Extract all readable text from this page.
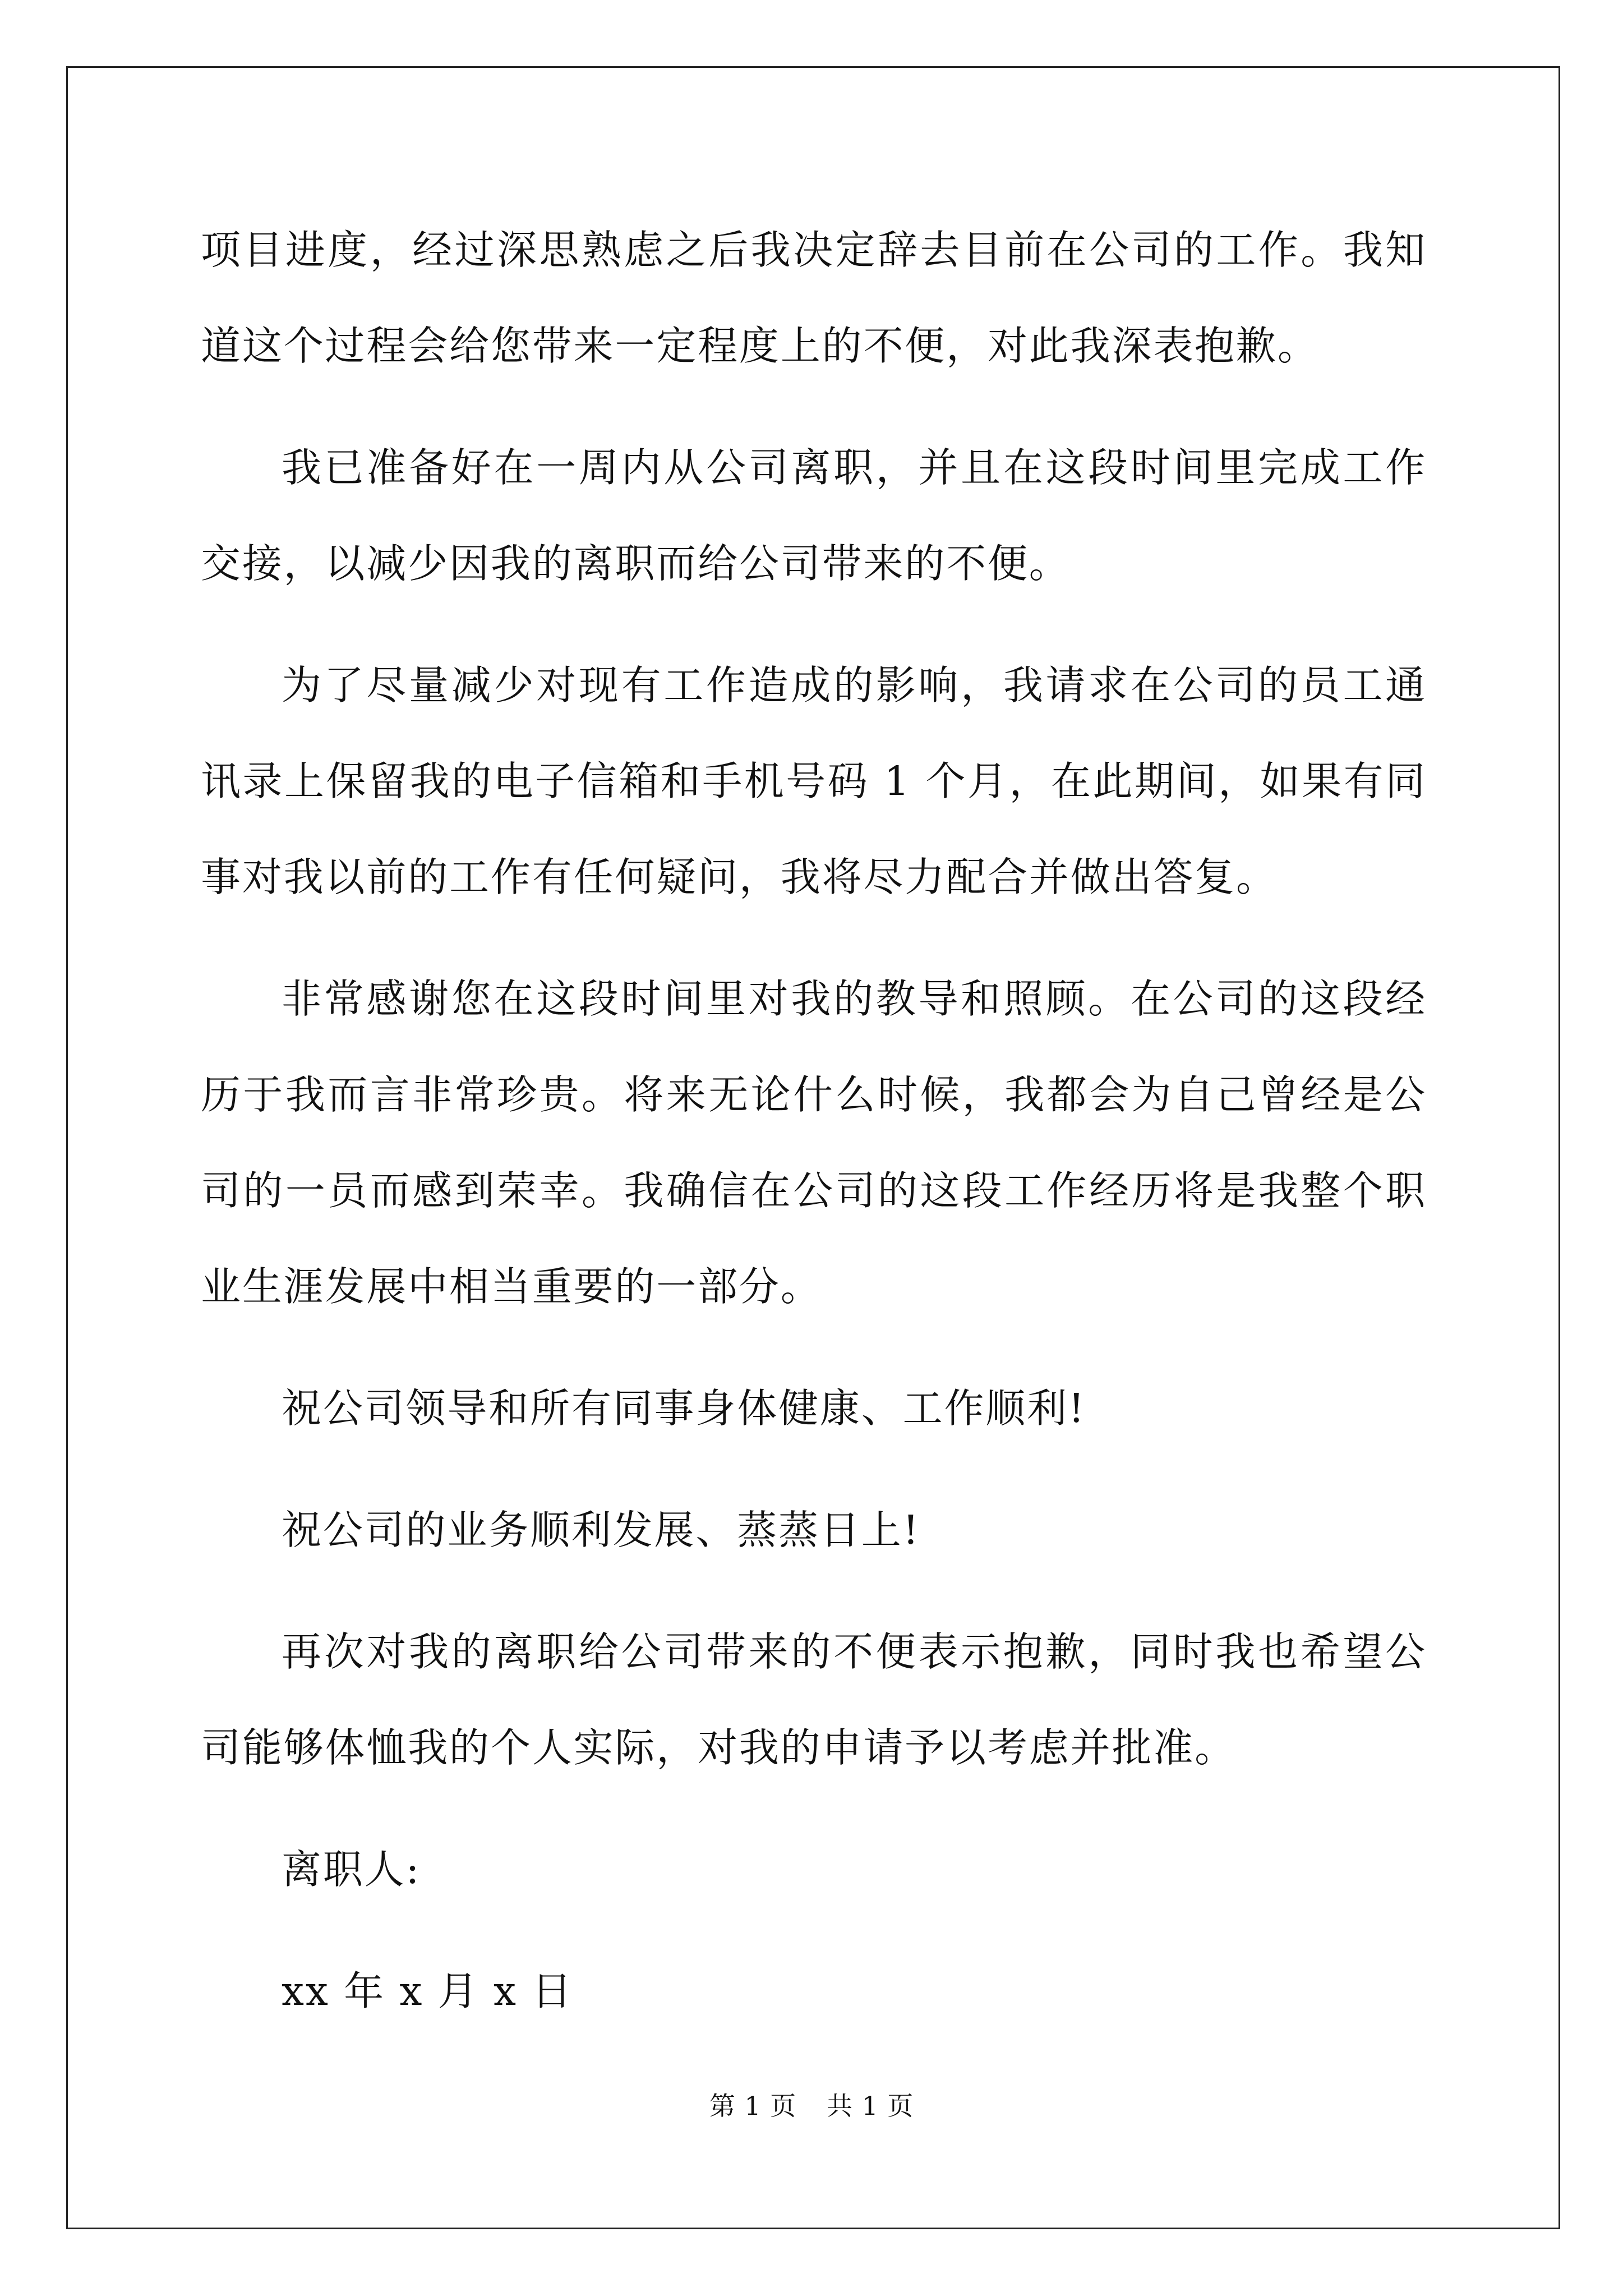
项目进度，经过深思熟虑之后我决定辞去目前在公司的工作。我知道这个过程会给您带来一定程度上的不便，对此我深表抱歉。

我已准备好在一周内从公司离职，并且在这段时间里完成工作交接，以减少因我的离职而给公司带来的不便。

为了尽量减少对现有工作造成的影响，我请求在公司的员工通讯录上保留我的电子信箱和手机号码 1 个月，在此期间，如果有同事对我以前的工作有任何疑问，我将尽力配合并做出答复。

非常感谢您在这段时间里对我的教导和照顾。在公司的这段经历于我而言非常珍贵。将来无论什么时候，我都会为自己曾经是公司的一员而感到荣幸。我确信在公司的这段工作经历将是我整个职业生涯发展中相当重要的一部分。

祝公司领导和所有同事身体健康、工作顺利!

祝公司的业务顺利发展、蒸蒸日上!

再次对我的离职给公司带来的不便表示抱歉，同时我也希望公司能够体恤我的个人实际，对我的申请予以考虑并批准。

离职人:

xx 年 x 月 x 日

第 1 页 共 1 页
